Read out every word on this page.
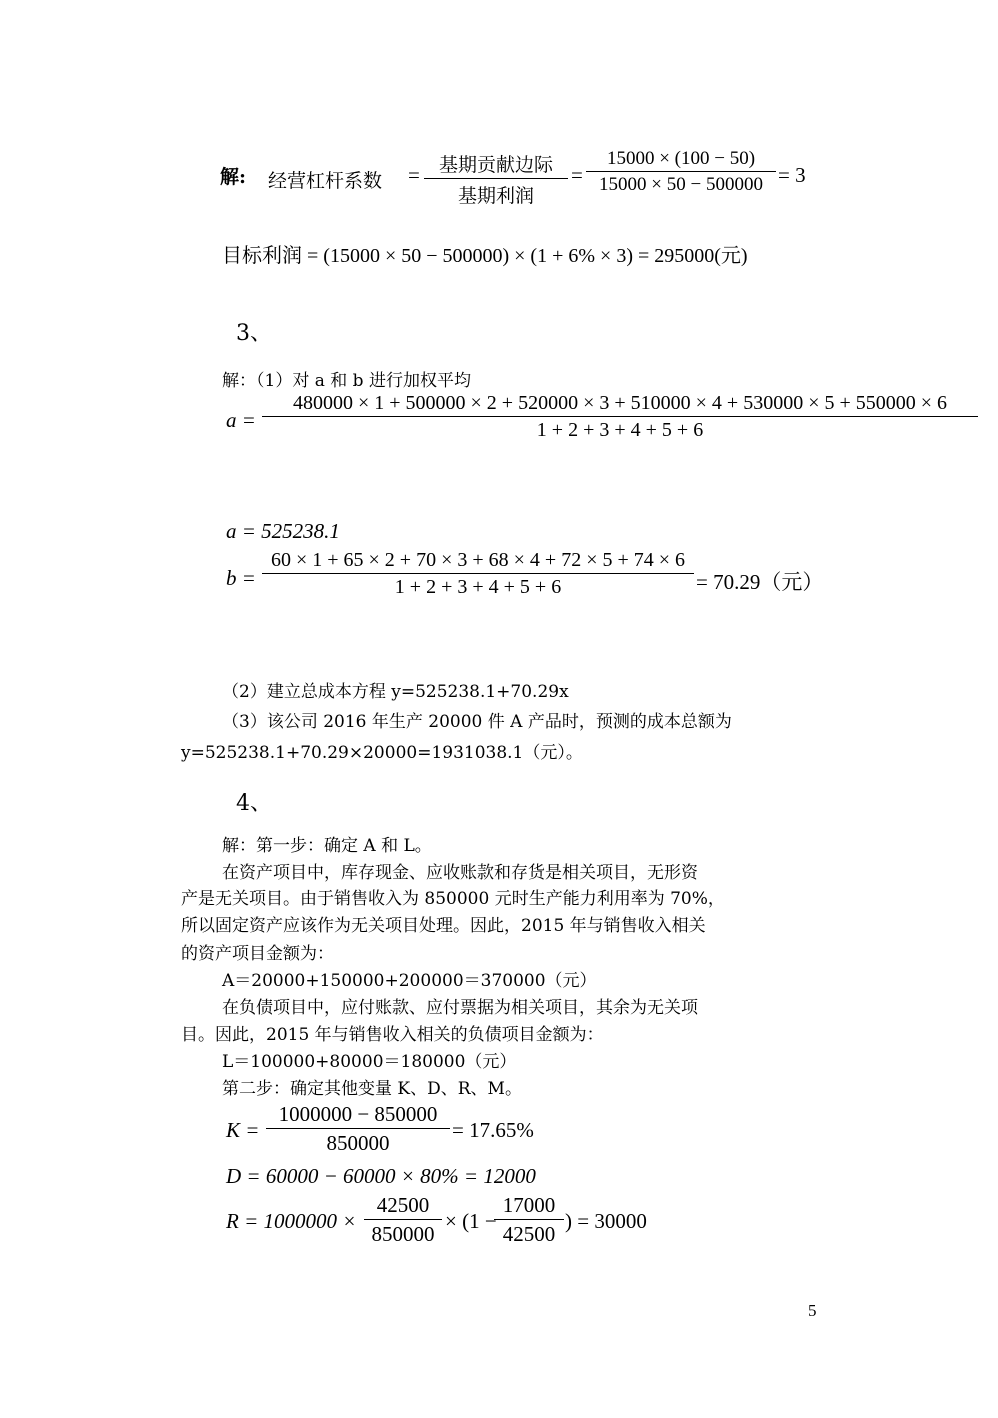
解: 经营杠杆系数 =	基期贡献边际
基期利润
= $\frac{15000 \times (100 - 50)}{15000 \times 50 - 500000} = 3$
目标利润 = (15000 × 50 − 500000) × (1 + 6% × 3) = 295000(元)
3、
解：（1）对 a 和 b 进行加权平均
a =
480000 × 1 + 500000 × 2 + 520000 × 3 + 510000 × 4 + 530000 × 5 + 550000 × 6
1 + 2 + 3 + 4 + 5 + 6
a = 525238.1
$b = \frac{60 \times 1 + 65 \times 2 + 70 \times 3 + 68 \times 4 + 72 \times 5 + 74 \times 6}{1 + 2 + 3 + 4 + 5 + 6} = 70.29$（元）
（2）建立总成本方程 y=525238.1+70.29x
（3）该公司 2016 年生产 20000 件 A 产品时，预测的成本总额为
y=525238.1+70.29×20000=1931038.1（元）。
4、
解：第一步：确定 A 和 L。
在资产项目中，库存现金、应收账款和存货是相关项目，无形资
产是无关项目。由于销售收入为 850000 元时生产能力利用率为 70%，
所以固定资产应该作为无关项目处理。因此，2015 年与销售收入相关
的资产项目金额为：
A＝20000+150000+200000＝370000（元）
在负债项目中，应付账款、应付票据为相关项目，其余为无关项
目。因此，2015 年与销售收入相关的负债项目金额为：
L＝100000+80000＝180000（元）
第二步：确定其他变量 K、D、R、M。
$K = \frac{1000000 - 850000}{850000} = 17.65\%$
D = 60000 − 60000 × 80% = 12000
$R = 1000000 \times \frac{42500}{850000} \times (1$ −
$\frac{17000}{42500}$ ) = 30000
5
